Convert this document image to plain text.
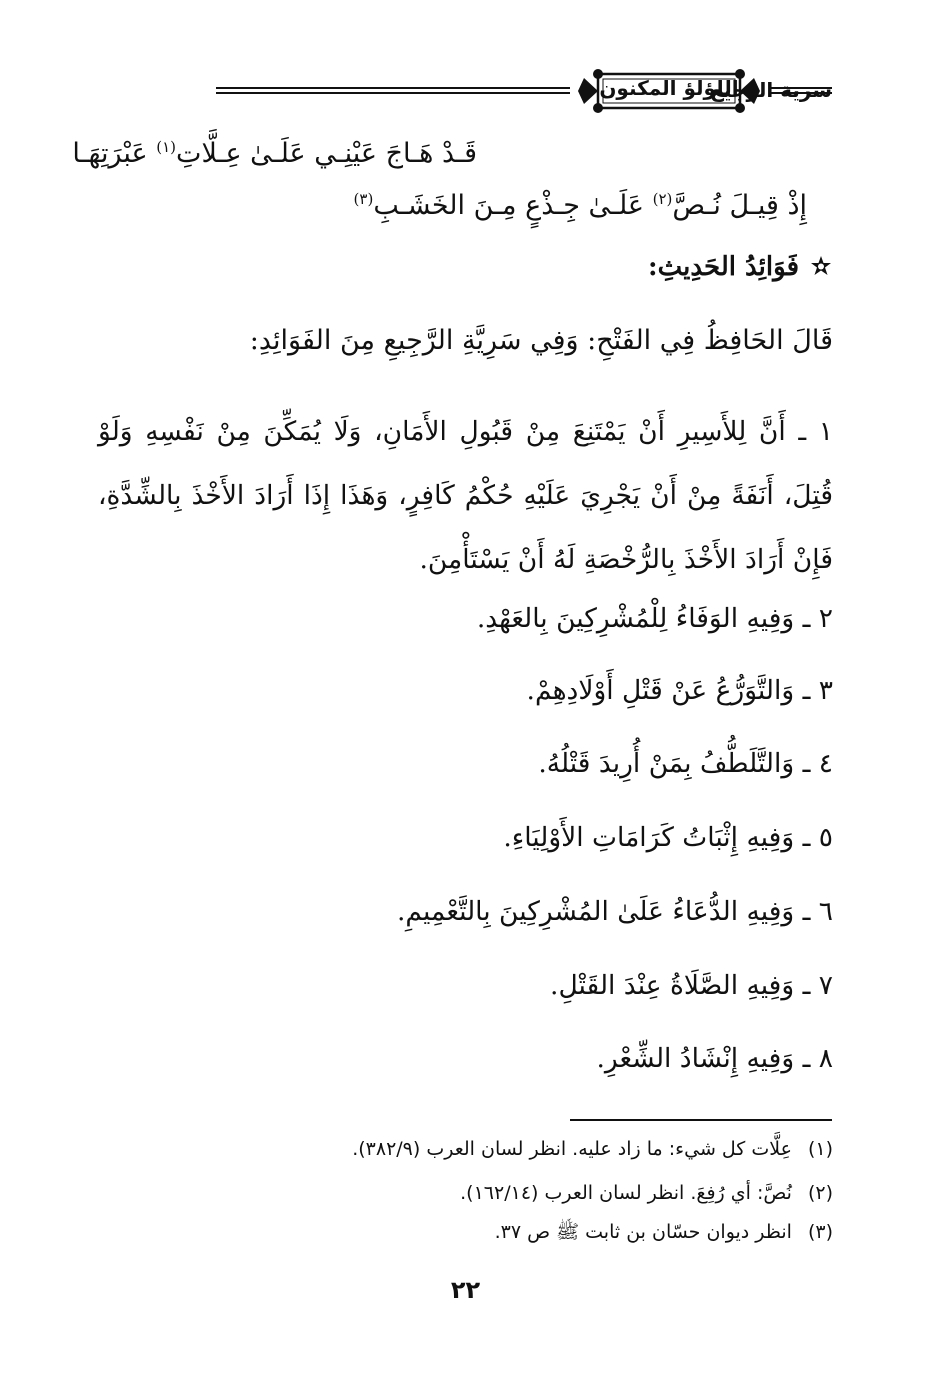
اللؤلؤ المكنون
سرية الرجيع
قَـدْ هَـاجَ عَيْنِـي عَلَـىٰ عِـلَّاتِ$^{(١)}$ عَبْرَتِهَـا
إِذْ قِيـلَ نُـصَّ$^{(٢)}$ عَلَـىٰ جِـذْعٍ مِـنَ الخَشَـبِ$^{(٣)}$
فَوَائِدُ الحَدِيثِ:
قَالَ الحَافِظُ فِي الفَتْحِ: وَفِي سَرِيَّةِ الرَّجِيعِ مِنَ الفَوَائِدِ:
١ ـ أَنَّ لِلأَسِيرِ أَنْ يَمْتَنِعَ مِنْ قَبُولِ الأَمَانِ، وَلَا يُمَكِّنَ مِنْ نَفْسِهِ وَلَوْ قُتِلَ، أَنَفَةً مِنْ أَنْ يَجْرِيَ عَلَيْهِ حُكْمُ كَافِرٍ، وَهَذَا إِذَا أَرَادَ الأَخْذَ بِالشِّدَّةِ، فَإِنْ أَرَادَ الأَخْذَ بِالرُّخْصَةِ لَهُ أَنْ يَسْتَأْمِنَ.
٢ ـ وَفِيهِ الوَفَاءُ لِلْمُشْرِكِينَ بِالعَهْدِ.
٣ ـ وَالتَّوَرُّعُ عَنْ قَتْلِ أَوْلَادِهِمْ.
٤ ـ وَالتَّلَطُّفُ بِمَنْ أُرِيدَ قَتْلُهُ.
٥ ـ وَفِيهِ إِثْبَاتُ كَرَامَاتِ الأَوْلِيَاءِ.
٦ ـ وَفِيهِ الدُّعَاءُ عَلَىٰ المُشْرِكِينَ بِالتَّعْمِيمِ.
٧ ـ وَفِيهِ الصَّلَاةُ عِنْدَ القَتْلِ.
٨ ـ وَفِيهِ إِنْشَادُ الشِّعْرِ.
(١)عِلَّات كل شيء: ما زاد عليه. انظر لسان العرب (٣٨٢/٩).
(٢)نُصَّ: أي رُفِعَ. انظر لسان العرب (١٦٢/١٤).
(٣)انظر ديوان حسّان بن ثابت ﷺ ص ٣٧.
٢٢
